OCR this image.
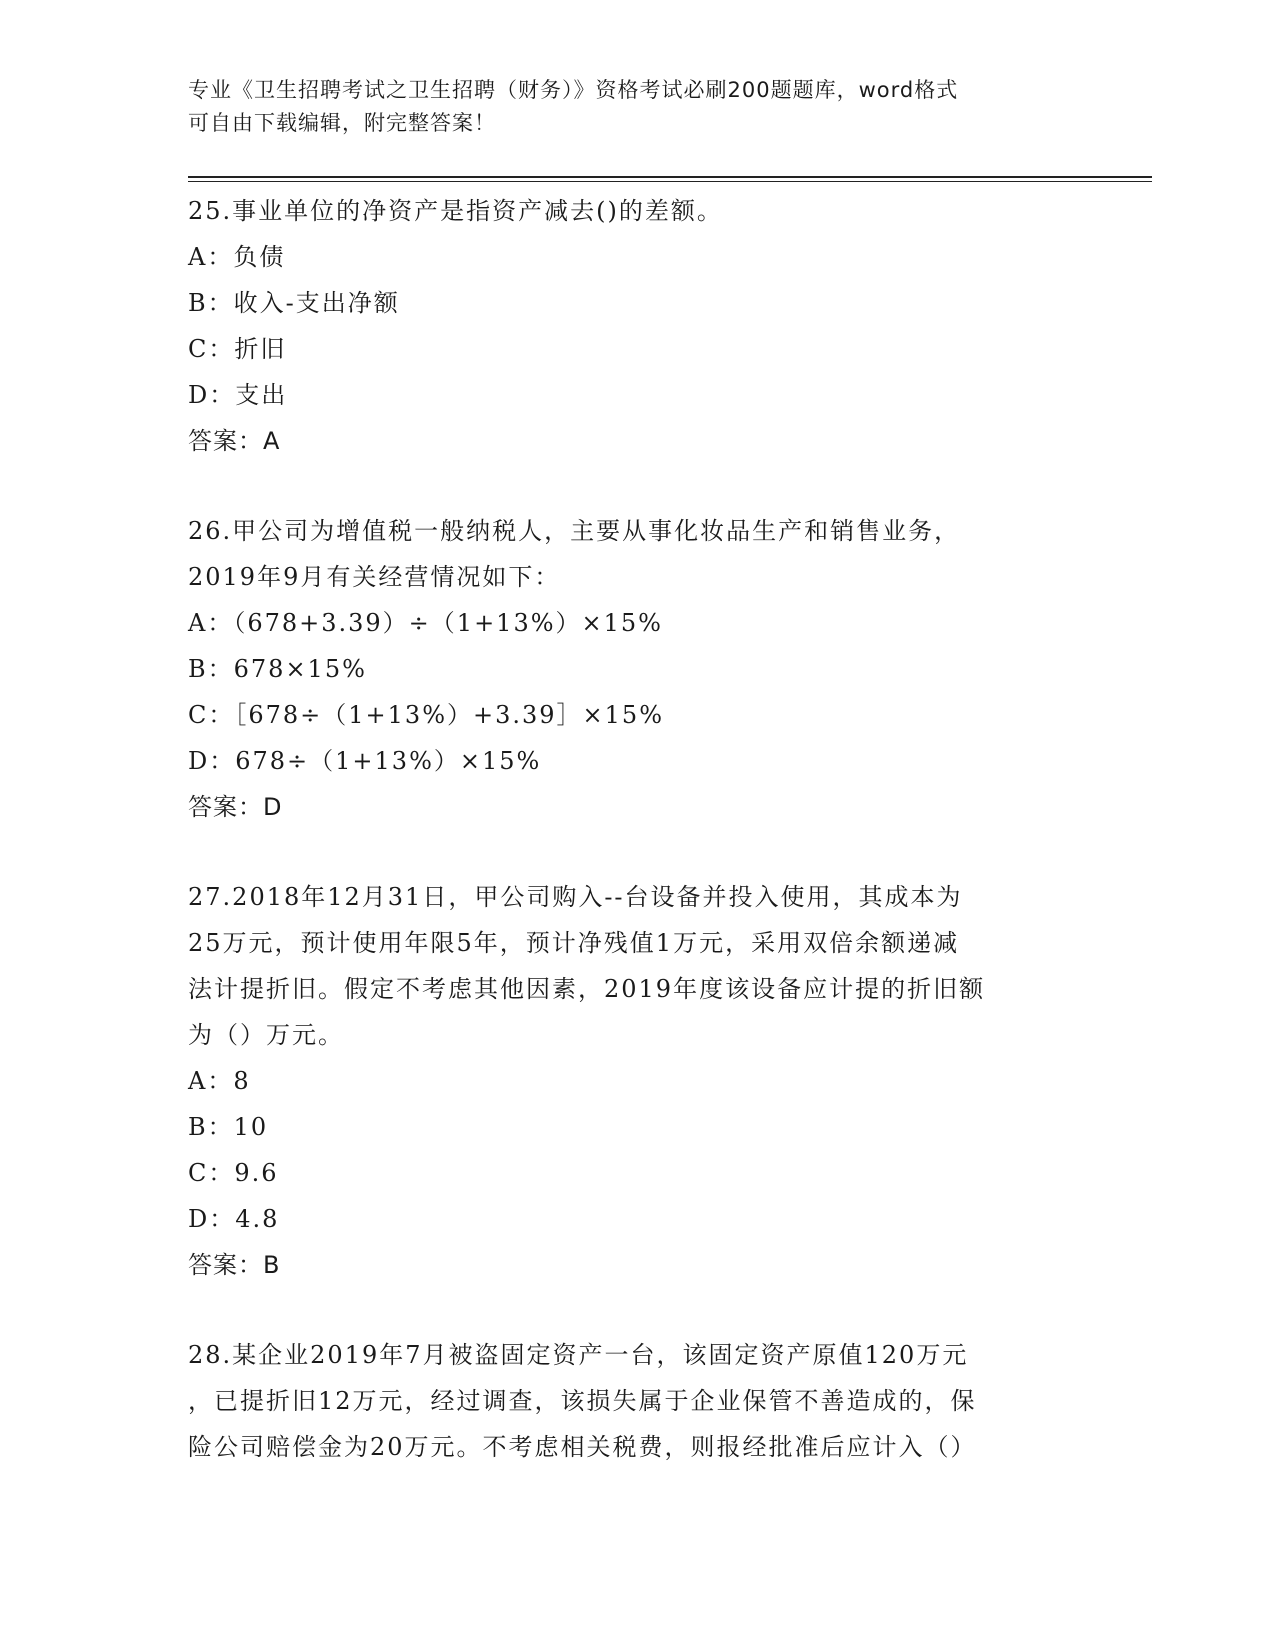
专业《卫生招聘考试之卫生招聘（财务）》资格考试必刷200题题库，word格式
可自由下载编辑，附完整答案！
25.事业单位的净资产是指资产减去()的差额。
A：负债
B：收入-支出净额
C：折旧
D：支出
答案：A
26.甲公司为增值税一般纳税人，主要从事化妆品生产和销售业务，
2019年9月有关经营情况如下：
A：（678+3.39）÷（1+13%）×15%
B：678×15%
C：［678÷（1+13%）+3.39］×15%
D：678÷（1+13%）×15%
答案：D
27.2018年12月31日，甲公司购入--台设备并投入使用，其成本为
25万元，预计使用年限5年，预计净残值1万元，采用双倍余额递减
法计提折旧。假定不考虑其他因素，2019年度该设备应计提的折旧额
为（）万元。
A：8
B：10
C：9.6
D：4.8
答案：B
28.某企业2019年7月被盗固定资产一台，该固定资产原值120万元
，已提折旧12万元，经过调查，该损失属于企业保管不善造成的，保
险公司赔偿金为20万元。不考虑相关税费，则报经批准后应计入（）
